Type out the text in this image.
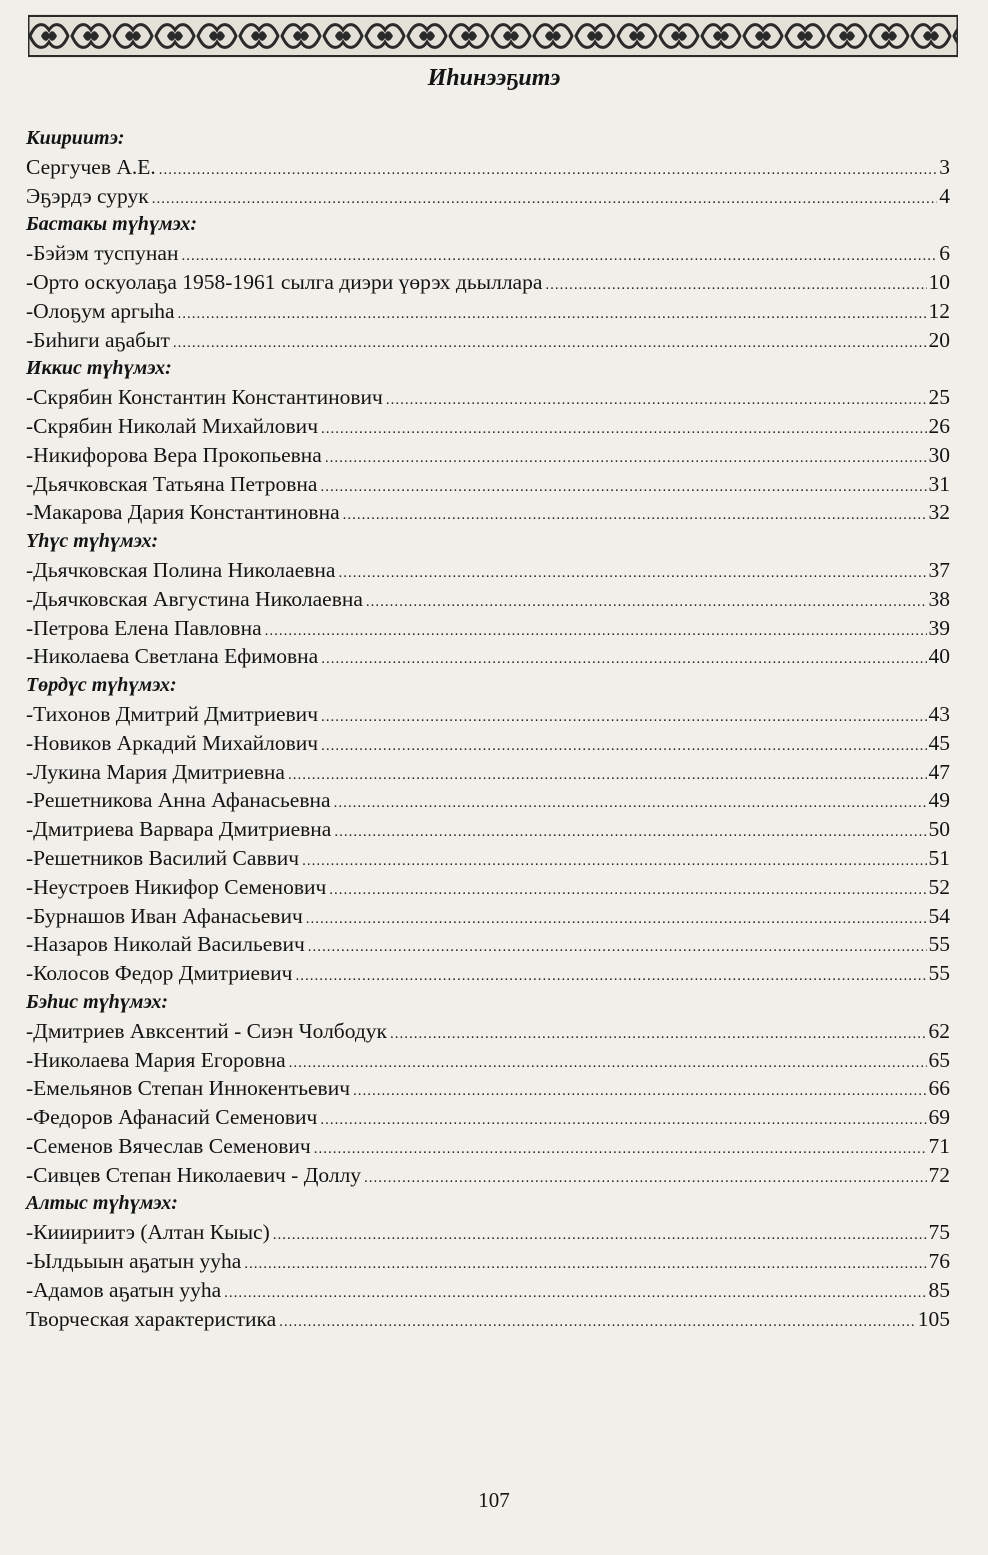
Иһинээҕитэ
Киириитэ:
Сергучев А.Е. .....	3
Эҕэрдэ сурук .....	4
Бастакы түһүмэх:
-Бэйэм туспунан .....	6
-Орто оскуолаҕа 1958-1961 сылга диэри үөрэх дьыллара .....	10
-Олоҕум аргыһа .....	12
-Биһиги аҕабыт .....	20
Иккис түһүмэх:
-Скрябин Константин Константинович .....	25
-Скрябин Николай Михайлович .....	26
-Никифорова Вера Прокопьевна .....	30
-Дьячковская Татьяна Петровна .....	31
-Макарова Дария Константиновна .....	32
Үһүс түһүмэх:
-Дьячковская Полина Николаевна .....	37
-Дьячковская Августина Николаевна .....	38
-Петрова Елена Павловна .....	39
-Николаева Светлана Ефимовна .....	40
Төрдүс түһүмэх:
-Тихонов Дмитрий Дмитриевич .....	43
-Новиков Аркадий Михайлович .....	45
-Лукина Мария Дмитриевна .....	47
-Решетникова Анна Афанасьевна .....	49
-Дмитриева Варвара Дмитриевна .....	50
-Решетников Василий Саввич .....	51
-Неустроев Никифор Семенович .....	52
-Бурнашов Иван Афанасьевич .....	54
-Назаров Николай Васильевич .....	55
-Колосов Федор Дмитриевич .....	55
Бэһис түһүмэх:
-Дмитриев Авксентий - Сиэн Чолбодук .....	62
-Николаева Мария Егоровна .....	65
-Емельянов Степан Иннокентьевич .....	66
-Федоров Афанасий Семенович .....	69
-Семенов Вячеслав Семенович .....	71
-Сивцев Степан Николаевич - Доллу .....	72
Алтыс түһүмэх:
-Кииириитэ (Алтан Кыыс) .....	75
-Ылдьыын аҕатын ууһа .....	76
-Адамов аҕатын ууһа .....	85
Творческая характеристика .....	105
107
